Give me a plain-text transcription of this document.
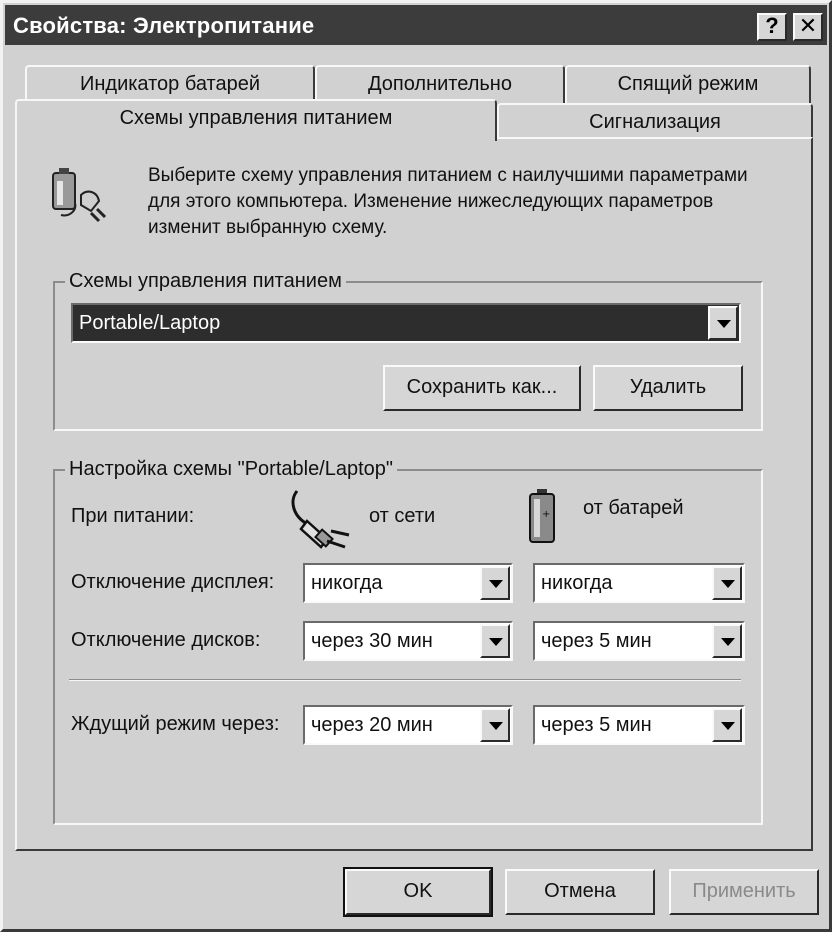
Свойства: Электропитание	? ✕
Индикатор батарей	Дополнительно	Спящий режим
Схемы управления питанием	Сигнализация
Выберите схему управления питанием с наилучшими параметрами для этого компьютера. Изменение нижеследующих параметров изменит выбранную схему.
Схемы управления питанием
Portable/Laptop
Сохранить как...	Удалить
Настройка схемы "Portable/Laptop"
При питании:	от сети	+ от батарей
Отключение дисплея: никогда	никогда
Отключение дисков:	через 30 мин	через 5 мин
Ждущий режим через: через 20 мин	через 5 мин
OK	Отмена	Применить
